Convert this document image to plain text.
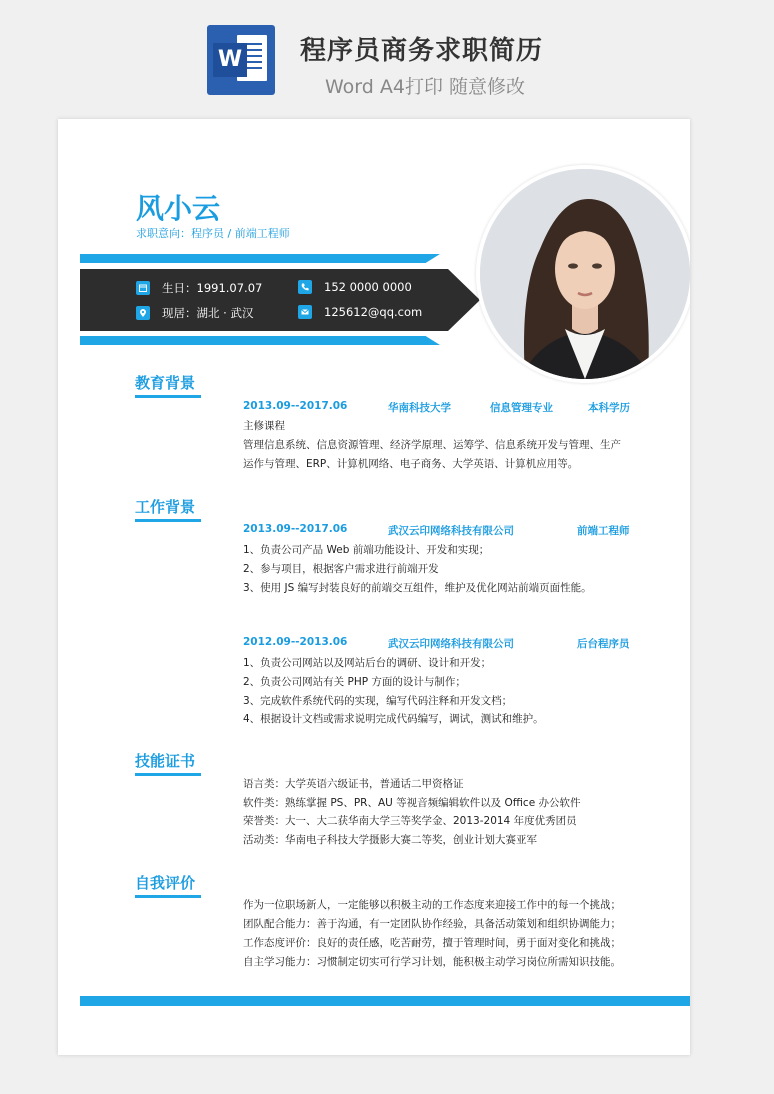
W 程序员商务求职简历
Word A4打印 随意修改
风小云
求职意向：程序员 / 前端工程师
生日：1991.07.07	152 0000 0000
现居：湖北 · 武汉	125612@qq.com
教育背景
2013.09--2017.06	华南科技大学	信息管理专业	本科学历
主修课程
管理信息系统、信息资源管理、经济学原理、运筹学、信息系统开发与管理、生产
运作与管理、ERP、计算机网络、电子商务、大学英语、计算机应用等。
工作背景
2013.09--2017.06	武汉云印网络科技有限公司	前端工程师
1、负责公司产品 Web 前端功能设计、开发和实现；
2、参与项目，根据客户需求进行前端开发
3、使用 JS 编写封装良好的前端交互组件，维护及优化网站前端页面性能。
2012.09--2013.06	武汉云印网络科技有限公司	后台程序员
1、负责公司网站以及网站后台的调研、设计和开发；
2、负责公司网站有关 PHP 方面的设计与制作；
3、完成软件系统代码的实现，编写代码注释和开发文档；
4、根据设计文档或需求说明完成代码编写，调试，测试和维护。
技能证书
语言类：大学英语六级证书，普通话二甲资格证
软件类：熟练掌握 PS、PR、AU 等视音频编辑软件以及 Office 办公软件
荣誉类：大一、大二获华南大学三等奖学金、2013-2014 年度优秀团员
活动类：华南电子科技大学摄影大赛二等奖，创业计划大赛亚军
自我评价
作为一位职场新人，一定能够以积极主动的工作态度来迎接工作中的每一个挑战；
团队配合能力：善于沟通，有一定团队协作经验，具备活动策划和组织协调能力；
工作态度评价：良好的责任感，吃苦耐劳，擅于管理时间，勇于面对变化和挑战；
自主学习能力：习惯制定切实可行学习计划，能积极主动学习岗位所需知识技能。
